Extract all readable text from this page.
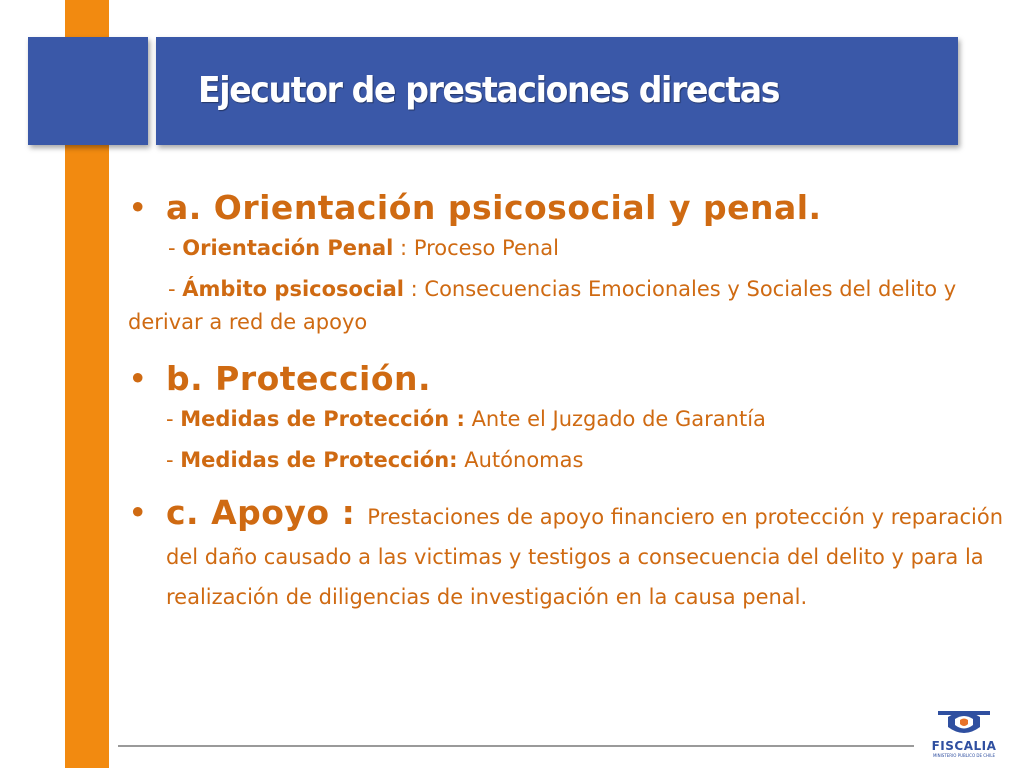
Ejecutor de prestaciones directas
• a. Orientación psicosocial y penal.
- Orientación Penal : Proceso Penal
- Ámbito psicosocial : Consecuencias Emocionales y Sociales del delito y derivar a red de apoyo
• b. Protección.
- Medidas de Protección : Ante el Juzgado de Garantía
- Medidas de Protección: Autónomas
• c. Apoyo : Prestaciones de apoyo financiero en protección y reparación del daño causado a las victimas y testigos a consecuencia del delito y para la realización de diligencias de investigación en la causa penal.
FISCALIA
MINISTERIO PUBLICO DE CHILE
